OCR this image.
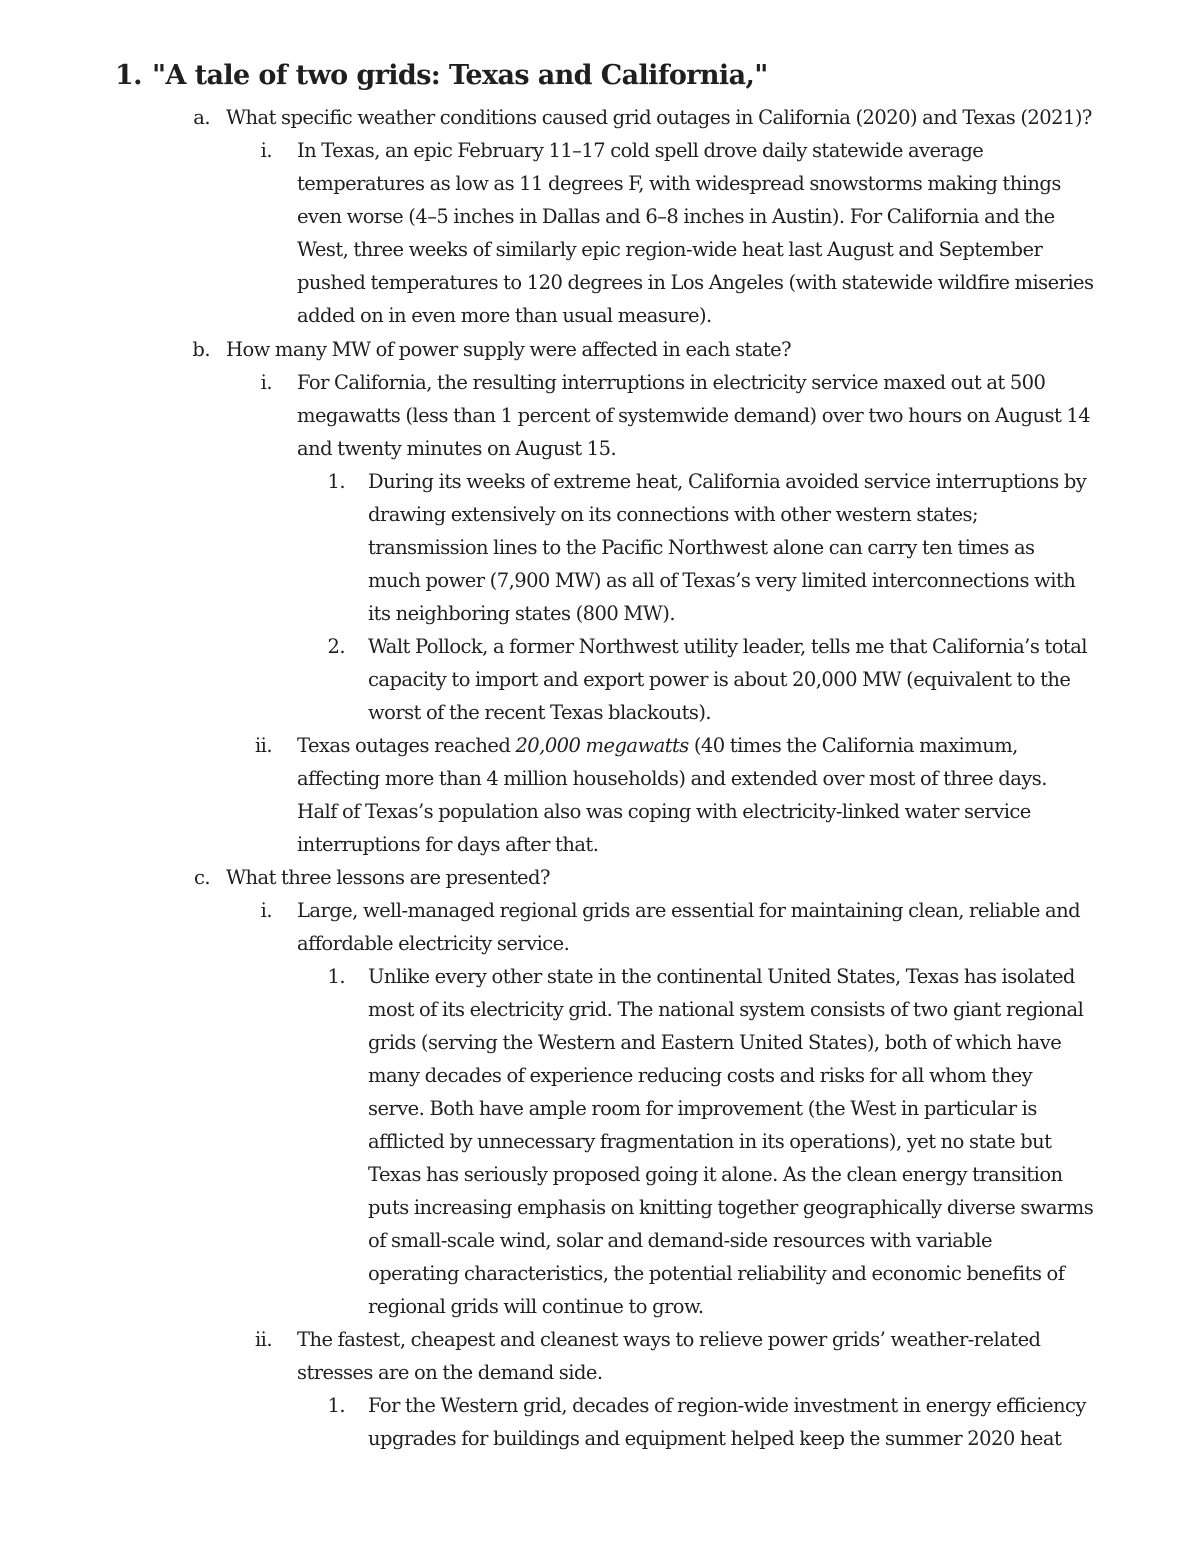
1. "A tale of two grids: Texas and California,"
a. What specific weather conditions caused grid outages in California (2020) and Texas (2021)?
i. In Texas, an epic February 11–17 cold spell drove daily statewide average
temperatures as low as 11 degrees F, with widespread snowstorms making things
even worse (4–5 inches in Dallas and 6–8 inches in Austin). For California and the
West, three weeks of similarly epic region-wide heat last August and September
pushed temperatures to 120 degrees in Los Angeles (with statewide wildfire miseries
added on in even more than usual measure).
b. How many MW of power supply were affected in each state?
i. For California, the resulting interruptions in electricity service maxed out at 500
megawatts (less than 1 percent of systemwide demand) over two hours on August 14
and twenty minutes on August 15.
1. During its weeks of extreme heat, California avoided service interruptions by
drawing extensively on its connections with other western states;
transmission lines to the Pacific Northwest alone can carry ten times as
much power (7,900 MW) as all of Texas’s very limited interconnections with
its neighboring states (800 MW).
2. Walt Pollock, a former Northwest utility leader, tells me that California’s total
capacity to import and export power is about 20,000 MW (equivalent to the
worst of the recent Texas blackouts).
ii. Texas outages reached 20,000 megawatts (40 times the California maximum,
affecting more than 4 million households) and extended over most of three days.
Half of Texas’s population also was coping with electricity-linked water service
interruptions for days after that.
c. What three lessons are presented?
i. Large, well-managed regional grids are essential for maintaining clean, reliable and
affordable electricity service.
1. Unlike every other state in the continental United States, Texas has isolated
most of its electricity grid. The national system consists of two giant regional
grids (serving the Western and Eastern United States), both of which have
many decades of experience reducing costs and risks for all whom they
serve. Both have ample room for improvement (the West in particular is
afflicted by unnecessary fragmentation in its operations), yet no state but
Texas has seriously proposed going it alone. As the clean energy transition
puts increasing emphasis on knitting together geographically diverse swarms
of small-scale wind, solar and demand-side resources with variable
operating characteristics, the potential reliability and economic benefits of
regional grids will continue to grow.
ii. The fastest, cheapest and cleanest ways to relieve power grids’ weather-related
stresses are on the demand side.
1. For the Western grid, decades of region-wide investment in energy efficiency
upgrades for buildings and equipment helped keep the summer 2020 heat
